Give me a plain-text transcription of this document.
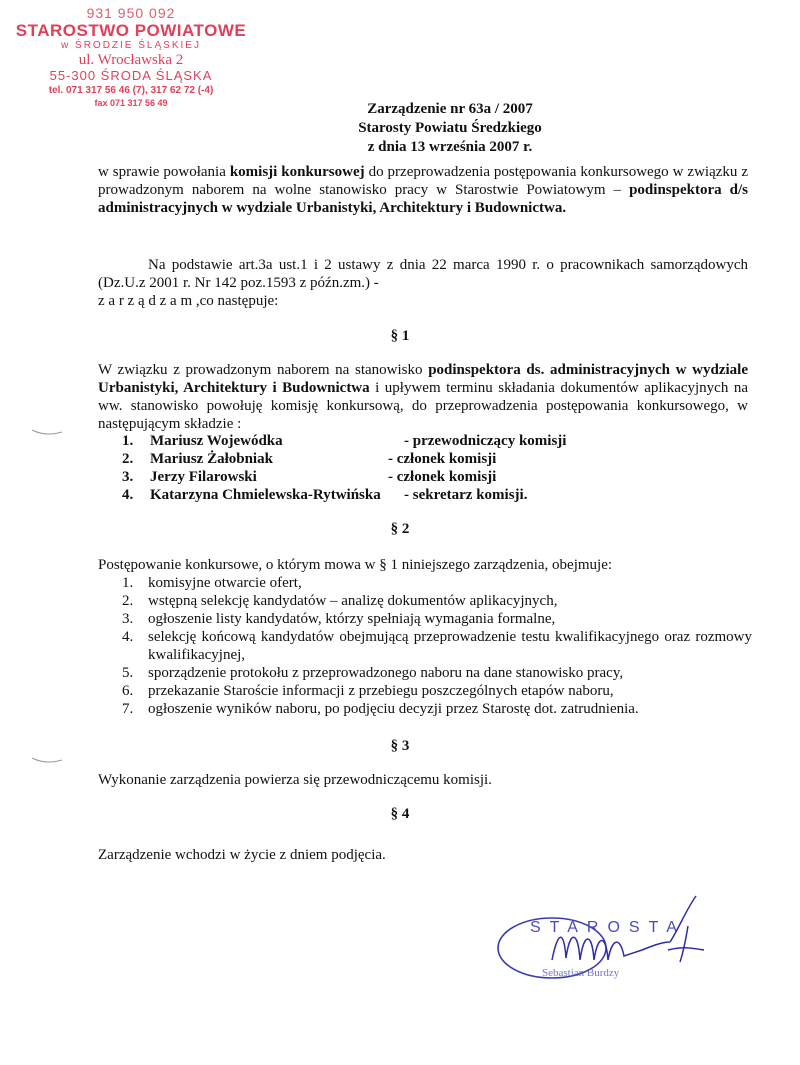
931 950 092
STAROSTWO POWIATOWE
w ŚRODZIE ŚLĄSKIEJ
ul. Wrocławska 2
55-300 ŚRODA ŚLĄSKA
tel. 071 317 56 46 (7), 317 62 72 (-4)
fax 071 317 56 49	Zarządzenie nr 63a / 2007
Starosty Powiatu Średzkiego
z dnia 13 września 2007 r.
w sprawie powołania komisji konkursowej do przeprowadzenia postępowania konkursowego w związku z prowadzonym naborem na wolne stanowisko pracy w Starostwie Powiatowym – podinspektora d/s administracyjnych w wydziale Urbanistyki, Architektury i Budownictwa.
Na podstawie art.3a ust.1 i 2 ustawy z dnia 22 marca 1990 r. o pracownikach samorządowych (Dz.U.z 2001 r. Nr 142 poz.1593 z późn.zm.) -
z a r z ą d z a m ,co następuje:
§ 1
W związku z prowadzonym naborem na stanowisko podinspektora ds. administracyjnych w wydziale Urbanistyki, Architektury i Budownictwa i upływem terminu składania dokumentów aplikacyjnych na ww. stanowisko powołuję komisję konkursową, do przeprowadzenia postępowania konkursowego, w następującym składzie :
1. Mariusz Wojewódka	- przewodniczący komisji
2. Mariusz Żałobniak	- członek komisji
3. Jerzy Filarowski	- członek komisji
4. Katarzyna Chmielewska-Rytwińska - sekretarz komisji.
§ 2
Postępowanie konkursowe, o którym mowa w § 1 niniejszego zarządzenia, obejmuje:
1. komisyjne otwarcie ofert,
2. wstępną selekcję kandydatów – analizę dokumentów aplikacyjnych,
3. ogłoszenie listy kandydatów, którzy spełniają wymagania formalne,
4. selekcję końcową kandydatów obejmującą przeprowadzenie testu kwalifikacyjnego oraz rozmowy kwalifikacyjnej,
5. sporządzenie protokołu z przeprowadzonego naboru na dane stanowisko pracy,
6. przekazanie Staroście informacji z przebiegu poszczególnych etapów naboru,
7. ogłoszenie wyników naboru, po podjęciu decyzji przez Starostę dot. zatrudnienia.
§ 3
Wykonanie zarządzenia powierza się przewodniczącemu komisji.
§ 4
Zarządzenie wchodzi w życie z dniem podjęcia.
STAROSTA
Sebastian Burdzy
